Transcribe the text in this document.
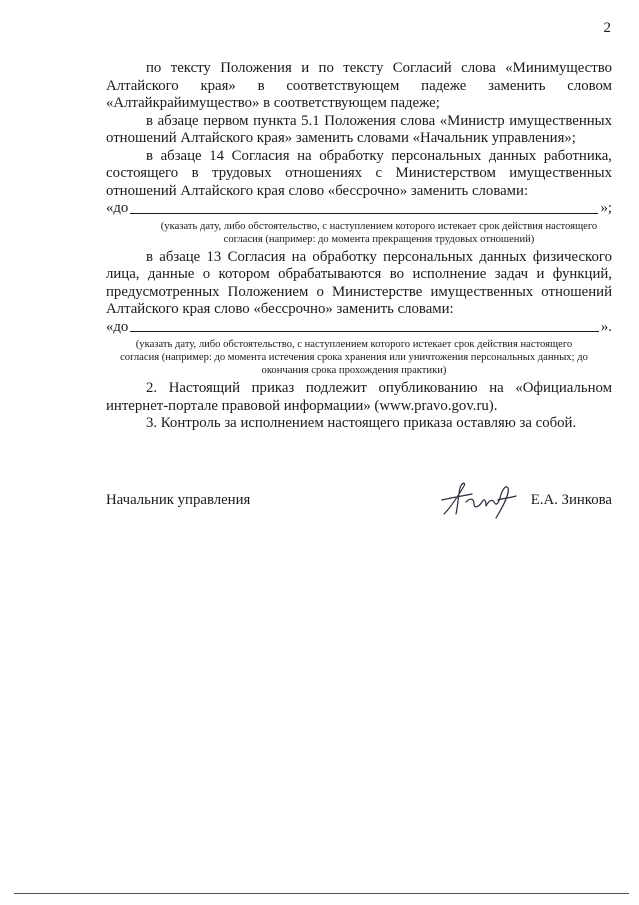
2

по тексту Положения и по тексту Согласий слова «Минимущество Алтайского края» в соответствующем падеже заменить словом «Алтайкрайимущество» в соответствующем падеже;

в абзаце первом пункта 5.1 Положения слова «Министр имущественных отношений Алтайского края» заменить словами «Начальник управления»;

в абзаце 14 Согласия на обработку персональных данных работника, состоящего в трудовых отношениях с Министерством имущественных отношений Алтайского края слово «бессрочно» заменить словами:

«до	»;
(указать дату, либо обстоятельство, с наступлением которого истекает срок действия настоящего согласия (например: до момента прекращения трудовых отношений)

в абзаце 13 Согласия на обработку персональных данных физического лица, данные о котором обрабатываются во исполнение задач и функций, предусмотренных Положением о Министерстве имущественных отношений Алтайского края слово «бессрочно» заменить словами:

«до	».
(указать дату, либо обстоятельство, с наступлением которого истекает срок действия настоящего согласия (например: до момента истечения срока хранения или уничтожения персональных данных; до окончания срока прохождения практики)

2. Настоящий приказ подлежит опубликованию на «Официальном интернет-портале правовой информации» (www.pravo.gov.ru).

3. Контроль за исполнением настоящего приказа оставляю за собой.

Начальник управления	Е.А. Зинкова
